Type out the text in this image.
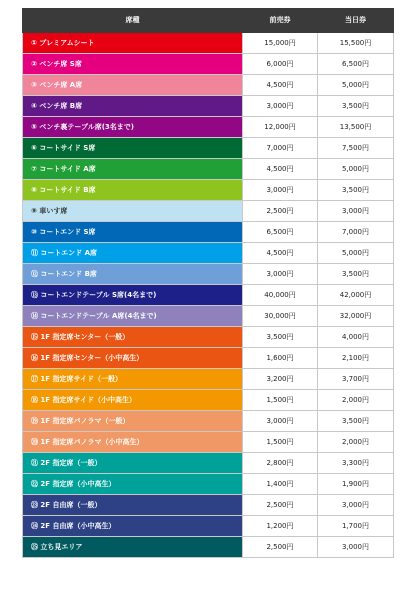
席種	前売券	当日券
① プレミアムシート	15,000円	15,500円
② ベンチ席 S席	6,000円	6,500円
③ ベンチ席 A席	4,500円	5,000円
④ ベンチ席 B席	3,000円	3,500円
⑤ ベンチ裏テーブル席(3名まで)	12,000円	13,500円
⑥ コートサイド S席	7,000円	7,500円
⑦ コートサイド A席	4,500円	5,000円
⑧ コートサイド B席	3,000円	3,500円
⑨ 車いす席	2,500円	3,000円
⑩ コートエンド S席	6,500円	7,000円
⑪ コートエンド A席	4,500円	5,000円
⑫ コートエンド B席	3,000円	3,500円
⑬ コートエンドテーブル S席(4名まで)	40,000円	42,000円
⑭ コートエンドテーブル A席(4名まで)	30,000円	32,000円
⑮ 1F 指定席センター（一般）	3,500円	4,000円
⑯ 1F 指定席センター（小中高生）	1,600円	2,100円
⑰ 1F 指定席サイド（一般）	3,200円	3,700円
⑱ 1F 指定席サイド（小中高生）	1,500円	2,000円
⑲ 1F 指定席パノラマ（一般）	3,000円	3,500円
⑳ 1F 指定席パノラマ（小中高生）	1,500円	2,000円
㉑ 2F 指定席（一般）	2,800円	3,300円
㉒ 2F 指定席（小中高生）	1,400円	1,900円
㉓ 2F 自由席（一般）	2,500円	3,000円
㉔ 2F 自由席（小中高生）	1,200円	1,700円
㉕ 立ち見エリア	2,500円	3,000円
